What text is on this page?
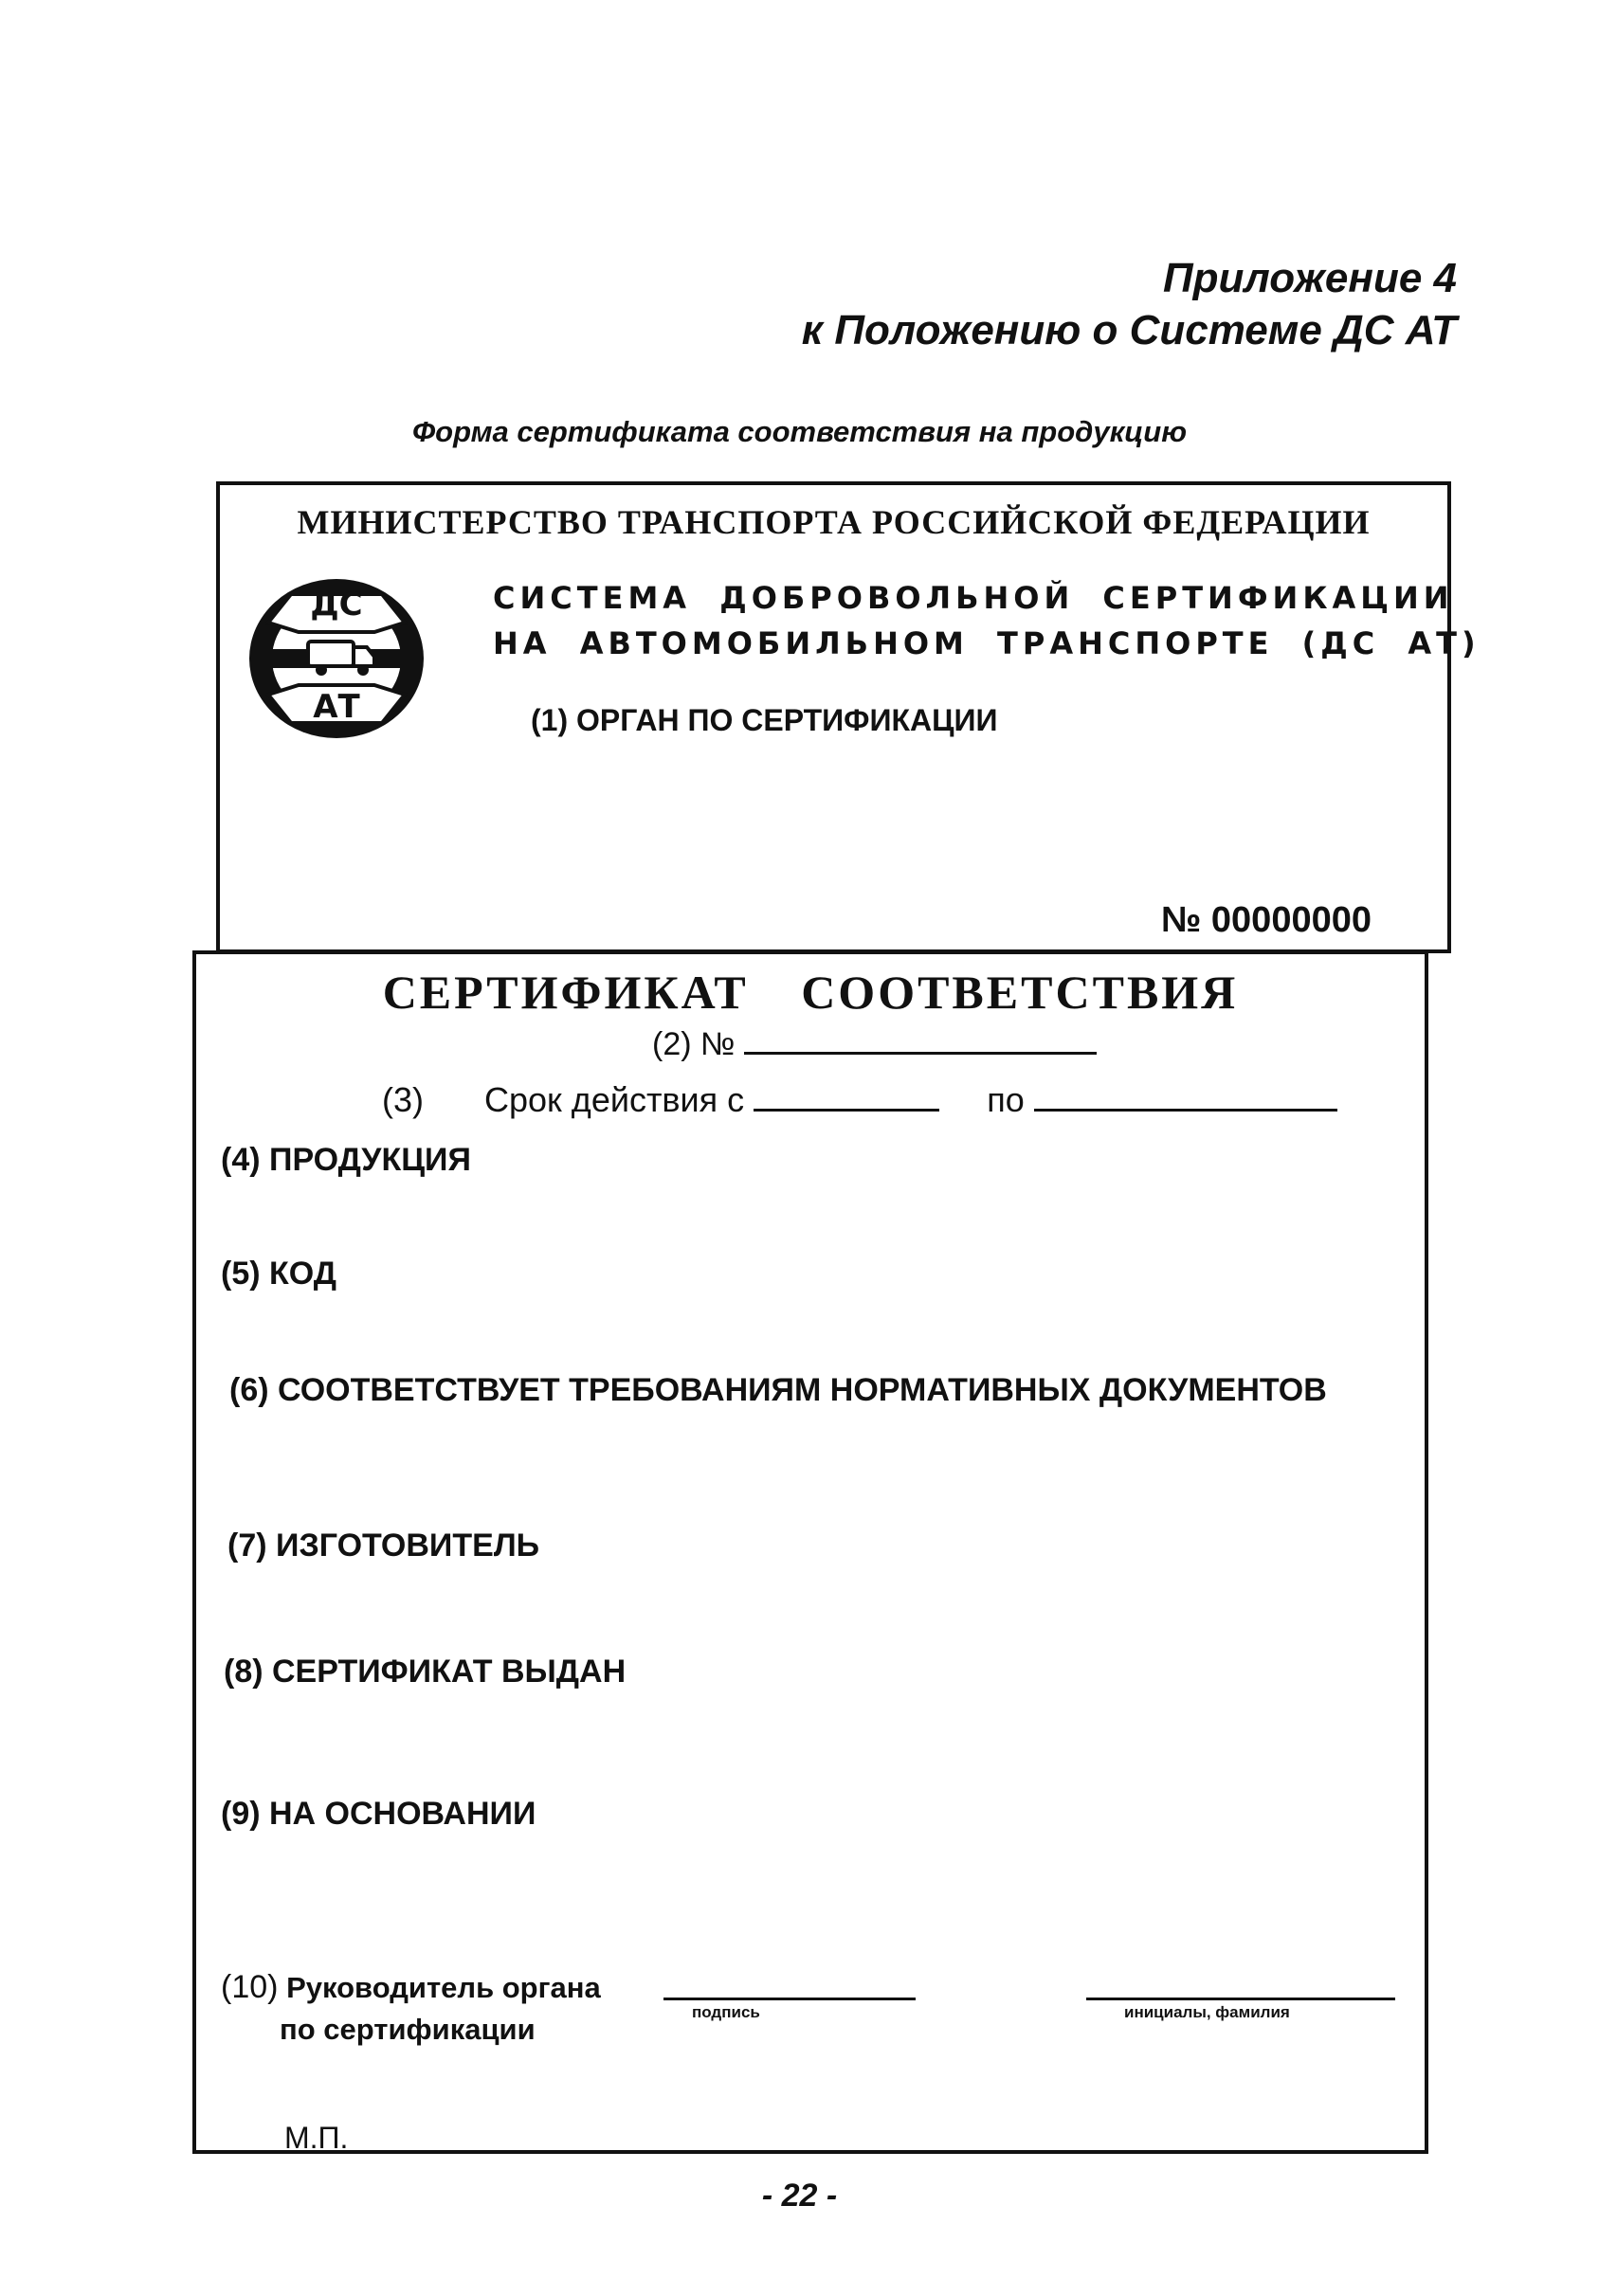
Приложение 4
к Положению о Системе ДС АТ
Форма сертификата соответствия на продукцию
МИНИСТЕРСТВО ТРАНСПОРТА РОССИЙСКОЙ ФЕДЕРАЦИИ
ДС
АТ
СИСТЕМА ДОБРОВОЛЬНОЙ СЕРТИФИКАЦИИ
НА АВТОМОБИЛЬНОМ ТРАНСПОРТЕ (ДС АТ)
(1) ОРГАН ПО СЕРТИФИКАЦИИ
№ 00000000
СЕРТИФИКАТ СООТВЕТСТВИЯ
(2) №
(3) Срок действия с	по
(4) ПРОДУКЦИЯ
(5) КОД
(6) СООТВЕТСТВУЕТ ТРЕБОВАНИЯМ НОРМАТИВНЫХ ДОКУМЕНТОВ
(7) ИЗГОТОВИТЕЛЬ
(8) СЕРТИФИКАТ ВЫДАН
(9) НА ОСНОВАНИИ
(10) Руководитель органа
по сертификации
подпись	инициалы, фамилия
М.П.
- 22 -
